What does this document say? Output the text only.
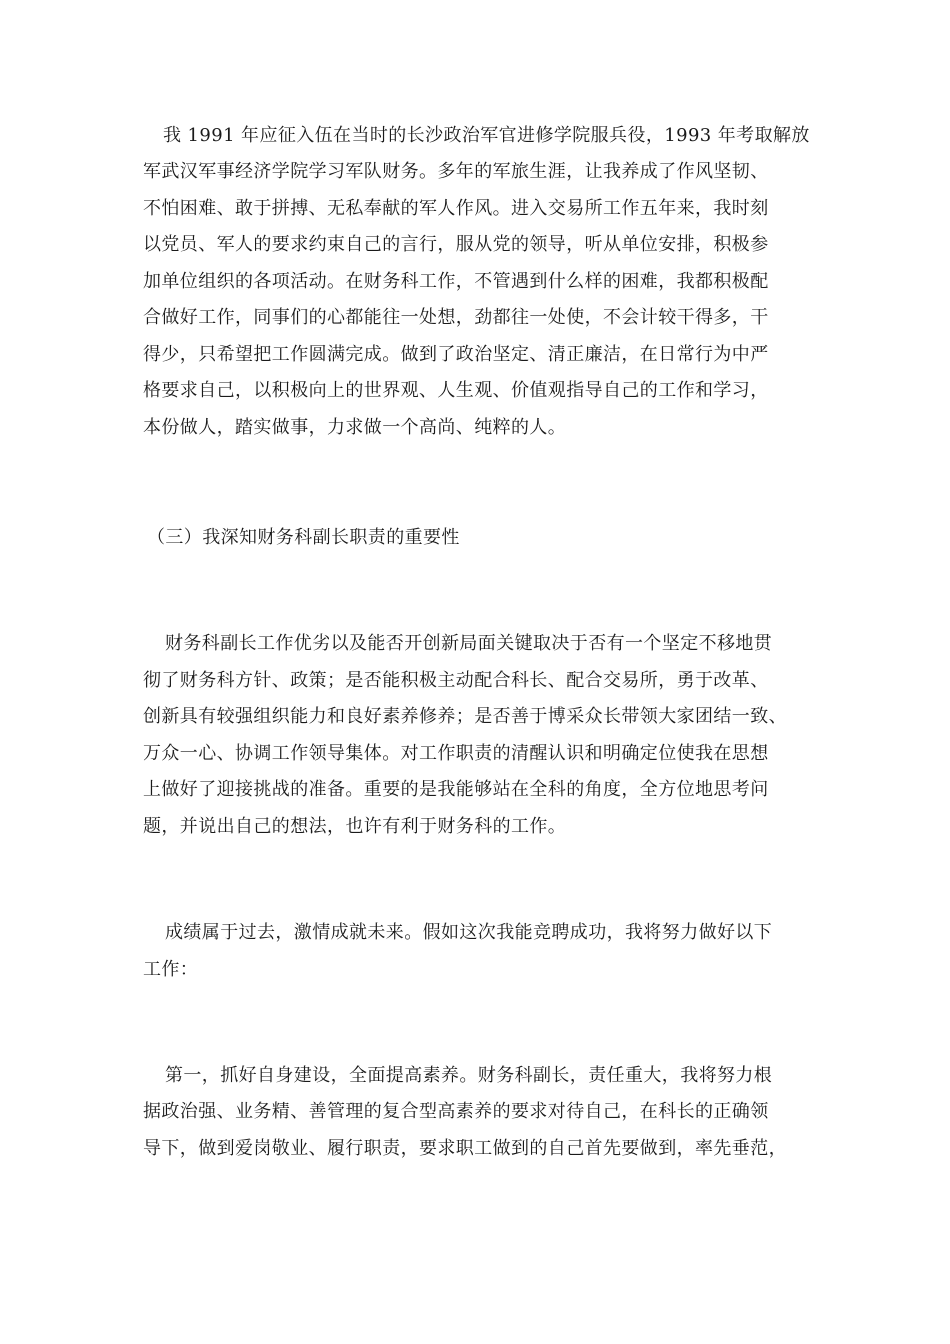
我 1991 年应征入伍在当时的长沙政治军官进修学院服兵役，1993 年考取解放
军武汉军事经济学院学习军队财务。多年的军旅生涯，让我养成了作风坚韧、
不怕困难、敢于拼搏、无私奉献的军人作风。进入交易所工作五年来，我时刻
以党员、军人的要求约束自己的言行，服从党的领导，听从单位安排，积极参
加单位组织的各项活动。在财务科工作，不管遇到什么样的困难，我都积极配
合做好工作，同事们的心都能往一处想，劲都往一处使，不会计较干得多，干
得少，只希望把工作圆满完成。做到了政治坚定、清正廉洁，在日常行为中严
格要求自己，以积极向上的世界观、人生观、价值观指导自己的工作和学习，
本份做人，踏实做事，力求做一个高尚、纯粹的人。
（三）我深知财务科副长职责的重要性
财务科副长工作优劣以及能否开创新局面关键取决于否有一个坚定不移地贯
彻了财务科方针、政策；是否能积极主动配合科长、配合交易所，勇于改革、
创新具有较强组织能力和良好素养修养；是否善于博采众长带领大家团结一致、
万众一心、协调工作领导集体。对工作职责的清醒认识和明确定位使我在思想
上做好了迎接挑战的准备。重要的是我能够站在全科的角度，全方位地思考问
题，并说出自己的想法，也许有利于财务科的工作。
成绩属于过去，激情成就未来。假如这次我能竞聘成功，我将努力做好以下
工作：
第一，抓好自身建设，全面提高素养。财务科副长，责任重大，我将努力根
据政治强、业务精、善管理的复合型高素养的要求对待自己，在科长的正确领
导下，做到爱岗敬业、履行职责，要求职工做到的自己首先要做到，率先垂范，
